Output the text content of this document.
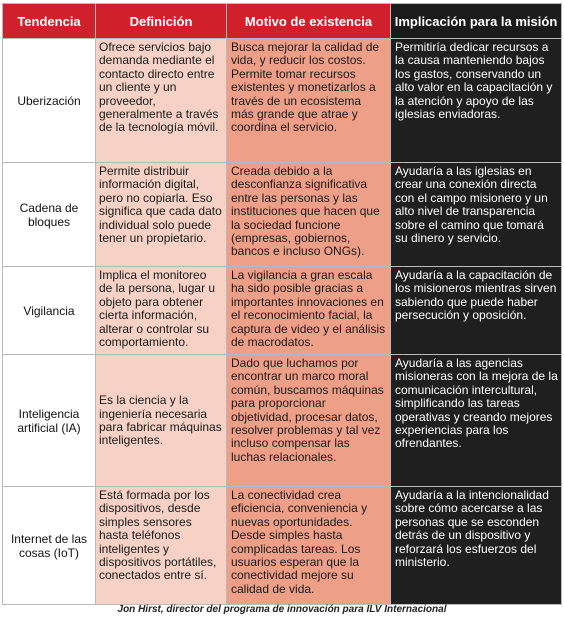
Tendencia	Definición	Motivo de existencia	Implicación para la misión
Uberización	Ofrece servicios bajo demanda mediante el contacto directo entre un cliente y un proveedor, generalmente a través de la tecnología móvil.	Busca mejorar la calidad de vida, y reducir los costos. Permite tomar recursos existentes y monetizarlos a través de un ecosistema más grande que atrae y coordina el servicio.	Permitiría dedicar recursos a la causa manteniendo bajos los gastos, conservando un alto valor en la capacitación y la atención y apoyo de las iglesias enviadoras.
Cadena de bloques	Permite distribuir información digital, pero no copiarla. Eso significa que cada dato individual solo puede tener un propietario.	Creada debido a la desconfianza significativa entre las personas y las instituciones que hacen que la sociedad funcione (empresas, gobiernos, bancos e incluso ONGs).	Ayudaría a las iglesias en crear una conexión directa con el campo misionero y un alto nivel de transparencia sobre el camino que tomará su dinero y servicio.
Vigilancia	Implica el monitoreo de la persona, lugar u objeto para obtener cierta información, alterar o controlar su comportamiento.	La vigilancia a gran escala ha sido posible gracias a importantes innovaciones en el reconocimiento facial, la captura de video y el análisis de macrodatos.	Ayudaría a la capacitación de los misioneros mientras sirven sabiendo que puede haber persecución y oposición.
Inteligencia artificial (IA)	Es la ciencia y la ingeniería necesaria para fabricar máquinas inteligentes.	Dado que luchamos por encontrar un marco moral común, buscamos máquinas para proporcionar objetividad, procesar datos, resolver problemas y tal vez incluso compensar las luchas relacionales.	Ayudaría a las agencias misioneras con la mejora de la comunicación intercultural, simplificando las tareas operativas y creando mejores experiencias para los ofrendantes.
Internet de las cosas (IoT)	Está formada por los dispositivos, desde simples sensores hasta teléfonos inteligentes y dispositivos portátiles, conectados entre sí.	La conectividad crea eficiencia, conveniencia y nuevas oportunidades. Desde simples hasta complicadas tareas. Los usuarios esperan que la conectividad mejore su calidad de vida.	Ayudaría a la intencionalidad sobre cómo acercarse a las personas que se esconden detrás de un dispositivo y reforzará los esfuerzos del ministerio.
Jon Hirst, director del programa de innovación para ILV Internacional
